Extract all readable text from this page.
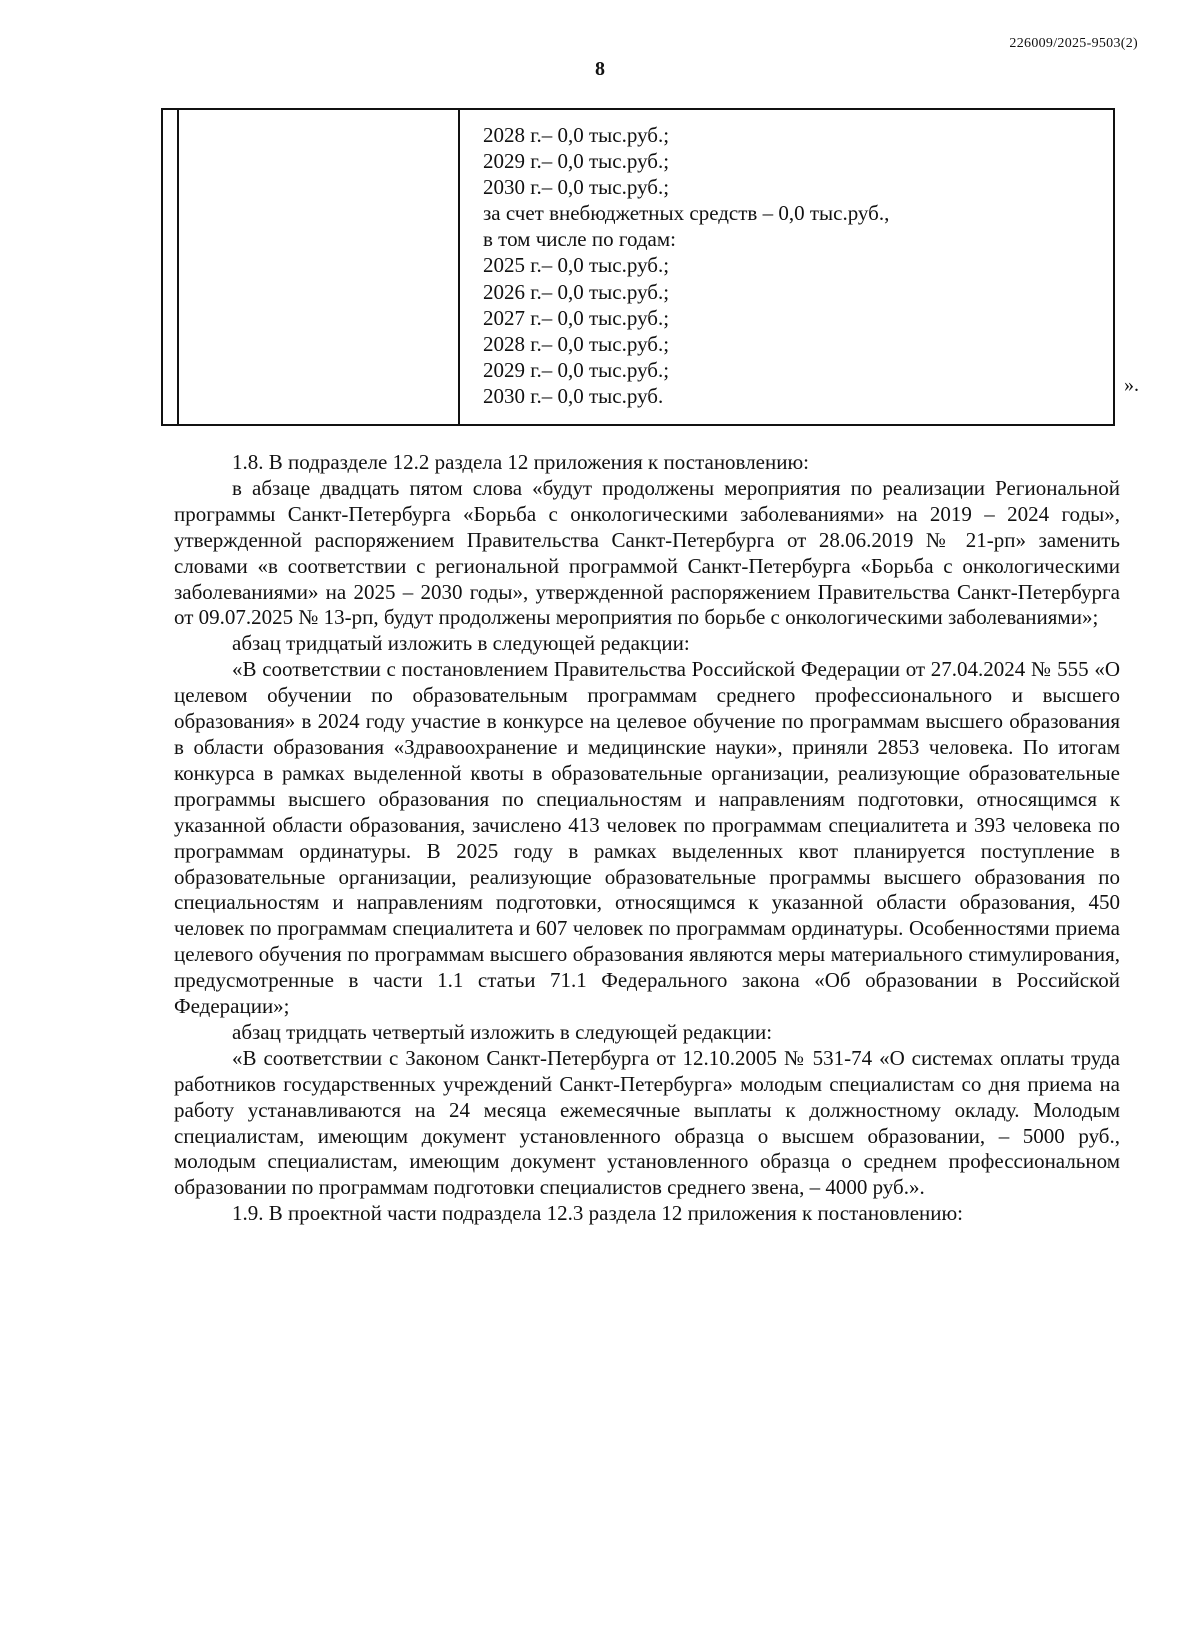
226009/2025-9503(2)
8
2028 г.– 0,0 тыс.руб.;
2029 г.– 0,0 тыс.руб.;
2030 г.– 0,0 тыс.руб.;
за счет внебюджетных средств – 0,0 тыс.руб.,
в том числе по годам:
2025 г.– 0,0 тыс.руб.;
2026 г.– 0,0 тыс.руб.;
2027 г.– 0,0 тыс.руб.;
2028 г.– 0,0 тыс.руб.;
2029 г.– 0,0 тыс.руб.;
2030 г.– 0,0 тыс.руб.	».

1.8. В подразделе 12.2 раздела 12 приложения к постановлению:

в абзаце двадцать пятом слова «будут продолжены мероприятия по реализации Региональной программы Санкт-Петербурга «Борьба с онкологическими заболеваниями» на 2019 – 2024 годы», утвержденной распоряжением Правительства Санкт-Петербурга от 28.06.2019 № 21-рп» заменить словами «в соответствии с региональной программой Санкт-Петербурга «Борьба с онкологическими заболеваниями» на 2025 – 2030 годы», утвержденной распоряжением Правительства Санкт-Петербурга от 09.07.2025 № 13-рп, будут продолжены мероприятия по борьбе с онкологическими заболеваниями»;

абзац тридцатый изложить в следующей редакции:

«В соответствии с постановлением Правительства Российской Федерации от 27.04.2024 № 555 «О целевом обучении по образовательным программам среднего профессионального и высшего образования» в 2024 году участие в конкурсе на целевое обучение по программам высшего образования в области образования «Здравоохранение и медицинские науки», приняли 2853 человека. По итогам конкурса в рамках выделенной квоты в образовательные организации, реализующие образовательные программы высшего образования по специальностям и направлениям подготовки, относящимся к указанной области образования, зачислено 413 человек по программам специалитета и 393 человека по программам ординатуры. В 2025 году в рамках выделенных квот планируется поступление в образовательные организации, реализующие образовательные программы высшего образования по специальностям и направлениям подготовки, относящимся к указанной области образования, 450 человек по программам специалитета и 607 человек по программам ординатуры. Особенностями приема целевого обучения по программам высшего образования являются меры материального стимулирования, предусмотренные в части 1.1 статьи 71.1 Федерального закона «Об образовании в Российской Федерации»;

абзац тридцать четвертый изложить в следующей редакции:

«В соответствии с Законом Санкт-Петербурга от 12.10.2005 № 531-74 «О системах оплаты труда работников государственных учреждений Санкт-Петербурга» молодым специалистам со дня приема на работу устанавливаются на 24 месяца ежемесячные выплаты к должностному окладу. Молодым специалистам, имеющим документ установленного образца о высшем образовании, – 5000 руб., молодым специалистам, имеющим документ установленного образца о среднем профессиональном образовании по программам подготовки специалистов среднего звена, – 4000 руб.».

1.9. В проектной части подраздела 12.3 раздела 12 приложения к постановлению:
